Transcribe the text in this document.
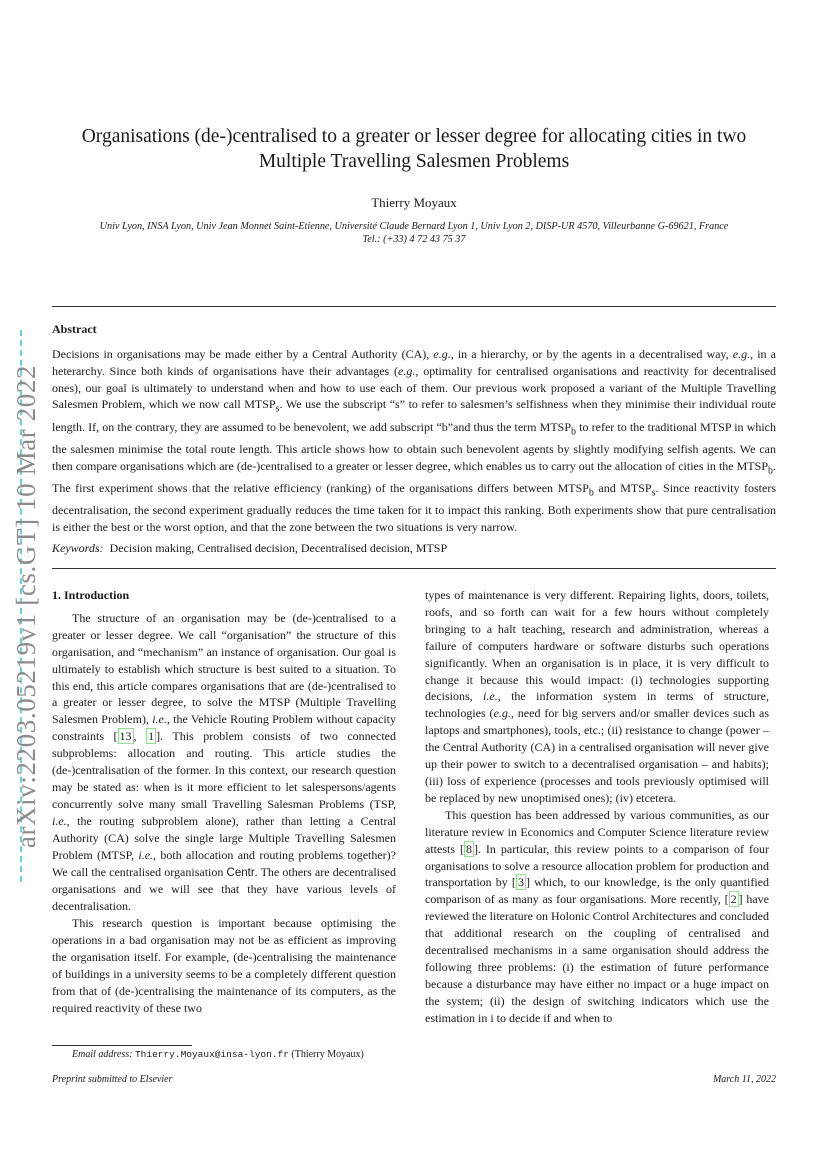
arXiv:2203.05219v1 [cs.GT] 10 Mar 2022
Organisations (de-)centralised to a greater or lesser degree for allocating cities in two
Multiple Travelling Salesmen Problems
Thierry Moyaux
Univ Lyon, INSA Lyon, Univ Jean Monnet Saint-Etienne, Université Claude Bernard Lyon 1, Univ Lyon 2, DISP-UR 4570, Villeurbanne G-69621, France
Tel.: (+33) 4 72 43 75 37
Abstract
Decisions in organisations may be made either by a Central Authority (CA), e.g., in a hierarchy, or by the agents in a decentralised way, e.g., in a heterarchy. Since both kinds of organisations have their advantages (e.g., optimality for centralised organisations and reactivity for decentralised ones), our goal is ultimately to understand when and how to use each of them. Our previous work proposed a variant of the Multiple Travelling Salesmen Problem, which we now call $MTSP_s$. We use the subscript “s” to refer to salesmen’s selfishness when they minimise their individual route length. If, on the contrary, they are assumed to be benevolent, we add subscript “b”and thus the term $MTSP_b$ to refer to the traditional MTSP in which the salesmen minimise the total route length. This article shows how to obtain such benevolent agents by slightly modifying selfish agents. We can then compare organisations which are (de-)centralised to a greater or lesser degree, which enables us to carry out the allocation of cities in the $MTSP_b$. The first experiment shows that the relative efficiency (ranking) of the organisations differs between $MTSP_b$ and $MTSP_s$. Since reactivity fosters decentralisation, the second experiment gradually reduces the time taken for it to impact this ranking. Both experiments show that pure centralisation is either the best or the worst option, and that the zone between the two situations is very narrow.
Keywords: Decision making, Centralised decision, Decentralised decision, MTSP
1. Introduction

The structure of an organisation may be (de-)centralised to a greater or lesser degree. We call “organisation” the structure of this organisation, and “mechanism” an instance of organisation. Our goal is ultimately to establish which structure is best suited to a situation. To this end, this article compares organisations that are (de-)centralised to a greater or lesser degree, to solve the MTSP (Multiple Travelling Salesmen Problem), i.e., the Vehicle Routing Problem without capacity constraints [ 13 , 1 ]. This problem consists of two connected subproblems: allocation and routing. This article studies the (de-)centralisation of the former. In this context, our research question may be stated as: when is it more efficient to let salespersons/agents concurrently solve many small Travelling Salesman Problems (TSP, i.e., the routing subproblem alone), rather than letting a Central Authority (CA) solve the single large Multiple Travelling Salesmen Problem (MTSP, i.e., both allocation and routing problems together)? We call the centralised organisation Centr. The others are decentralised organisations and we will see that they have various levels of decentralisation.

This research question is important because optimising the operations in a bad organisation may not be as efficient as improving the organisation itself. For example, (de-)centralising the maintenance of buildings in a university seems to be a completely different question from that of (de-)centralising the maintenance of its computers, as the required reactivity of these two

types of maintenance is very different. Repairing lights, doors, toilets, roofs, and so forth can wait for a few hours without completely bringing to a halt teaching, research and administration, whereas a failure of computers hardware or software disturbs such operations significantly. When an organisation is in place, it is very difficult to change it because this would impact: (i) technologies supporting decisions, i.e., the information system in terms of structure, technologies (e.g., need for big servers and/or smaller devices such as laptops and smartphones), tools, etc.; (ii) resistance to change (power – the Central Authority (CA) in a centralised organisation will never give up their power to switch to a decentralised organisation – and habits); (iii) loss of experience (processes and tools previously optimised will be replaced by new unoptimised ones); (iv) etcetera.

This question has been addressed by various communities, as our literature review in Economics and Computer Science literature review attests [ 8 ]. In particular, this review points to a comparison of four organisations to solve a resource allocation problem for production and transportation by [ 3 ] which, to our knowledge, is the only quantified comparison of as many as four organisations. More recently, [ 2 ] have reviewed the literature on Holonic Control Architectures and concluded that additional research on the coupling of centralised and decentralised mechanisms in a same organisation should address the following three problems: (i) the estimation of future performance because a disturbance may have either no impact or a huge impact on the system; (ii) the design of switching indicators which use the estimation in i to decide if and when to

Email address: Thierry.Moyaux@insa-lyon.fr (Thierry Moyaux)
Preprint submitted to Elsevier	March 11, 2022
